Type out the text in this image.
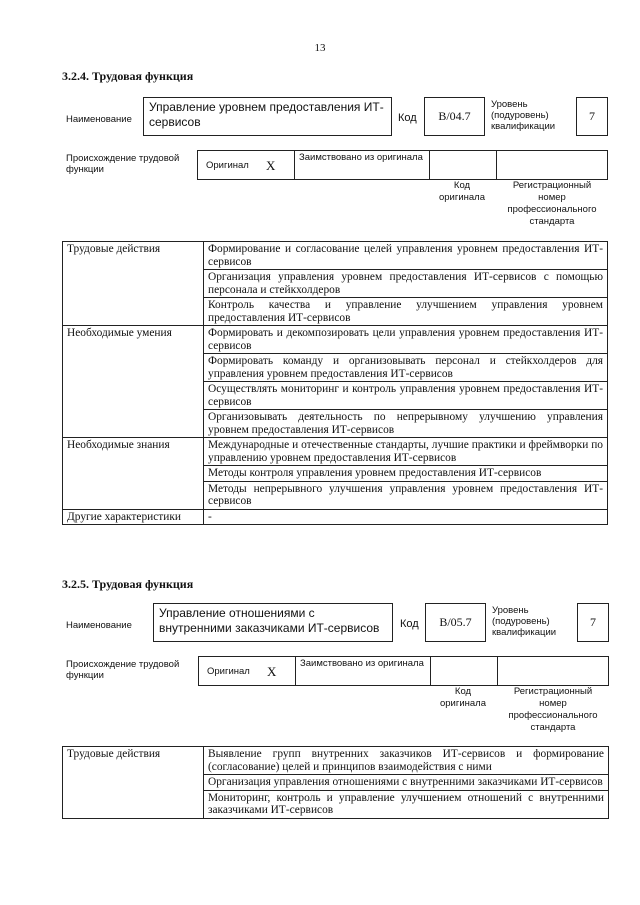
13
3.2.4. Трудовая функция
Наименование
Управление уровнем предоставления ИТ-сервисов	Код	B/04.7
Уровень (подуровень) квалификации
7
Происхождение трудовой функции	Оригинал X
Заимствовано из оригинала
Код оригинала
Регистрационный номер профессионального стандарта
Трудовые действия	Формирование и согласование целей управления уровнем предоставления ИТ-сервисов
	Организация управления уровнем предоставления ИТ-сервисов с помощью персонала и стейкхолдеров
	Контроль качества и управление улучшением управления уровнем предоставления ИТ-сервисов
Необходимые умения	Формировать и декомпозировать цели управления уровнем предоставления ИТ-сервисов
	Формировать команду и организовывать персонал и стейкхолдеров для управления уровнем предоставления ИТ-сервисов
	Осуществлять мониторинг и контроль управления уровнем предоставления ИТ-сервисов
	Организовывать деятельность по непрерывному улучшению управления уровнем предоставления ИТ-сервисов
Необходимые знания	Международные и отечественные стандарты, лучшие практики и фреймворки по управлению уровнем предоставления ИТ-сервисов
	Методы контроля управления уровнем предоставления ИТ-сервисов
	Методы непрерывного улучшения управления уровнем предоставления ИТ-сервисов
Другие характеристики	-
3.2.5. Трудовая функция
Наименование
Управление отношениями с внутренними заказчиками ИТ-сервисов	Код	B/05.7
Уровень (подуровень) квалификации
7
Происхождение трудовой функции	Оригинал X
Заимствовано из оригинала
Код оригинала
Регистрационный номер профессионального стандарта
Трудовые действия	Выявление групп внутренних заказчиков ИТ-сервисов и формирование (согласование) целей и принципов взаимодействия с ними
Организация управления отношениями с внутренними заказчиками ИТ-сервисов
Мониторинг, контроль и управление улучшением отношений с внутренними заказчиками ИТ-сервисов
